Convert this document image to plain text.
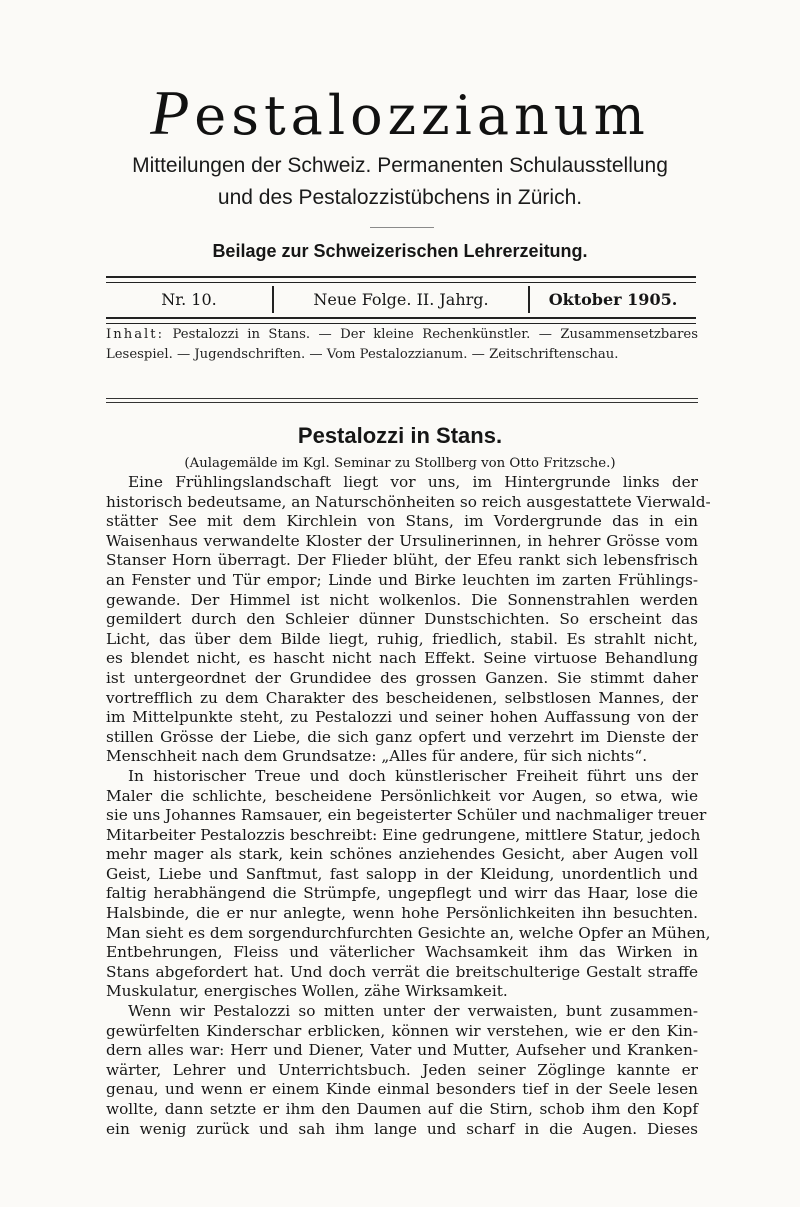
Pestalozzianum
Mitteilungen der Schweiz. Permanenten Schulausstellung
und des Pestalozzistübchens in Zürich.
Beilage zur Schweizerischen Lehrerzeitung.
Nr. 10.	Neue Folge. II. Jahrg.	Oktober 1905.
Inhalt: Pestalozzi in Stans. — Der kleine Rechenkünstler. — Zusammensetzbares Lesespiel. — Jugendschriften. — Vom Pestalozzianum. — Zeitschriftenschau.
Pestalozzi in Stans.
(Aulagemälde im Kgl. Seminar zu Stollberg von Otto Fritzsche.)
Eine Frühlingslandschaft liegt vor uns, im Hintergrunde links der
historisch bedeutsame, an Naturschönheiten so reich ausgestattete Vierwald-
stätter See mit dem Kirchlein von Stans, im Vordergrunde das in ein
Waisenhaus verwandelte Kloster der Ursulinerinnen, in hehrer Grösse vom
Stanser Horn überragt. Der Flieder blüht, der Efeu rankt sich lebensfrisch
an Fenster und Tür empor; Linde und Birke leuchten im zarten Frühlings-
gewande. Der Himmel ist nicht wolkenlos. Die Sonnenstrahlen werden
gemildert durch den Schleier dünner Dunstschichten. So erscheint das
Licht, das über dem Bilde liegt, ruhig, friedlich, stabil. Es strahlt nicht,
es blendet nicht, es hascht nicht nach Effekt. Seine virtuose Behandlung
ist untergeordnet der Grundidee des grossen Ganzen. Sie stimmt daher
vortrefflich zu dem Charakter des bescheidenen, selbstlosen Mannes, der
im Mittelpunkte steht, zu Pestalozzi und seiner hohen Auffassung von der
stillen Grösse der Liebe, die sich ganz opfert und verzehrt im Dienste der
Menschheit nach dem Grundsatze: „Alles für andere, für sich nichts“.
In historischer Treue und doch künstlerischer Freiheit führt uns der
Maler die schlichte, bescheidene Persönlichkeit vor Augen, so etwa, wie
sie uns Johannes Ramsauer, ein begeisterter Schüler und nachmaliger treuer
Mitarbeiter Pestalozzis beschreibt: Eine gedrungene, mittlere Statur, jedoch
mehr mager als stark, kein schönes anziehendes Gesicht, aber Augen voll
Geist, Liebe und Sanftmut, fast salopp in der Kleidung, unordentlich und
faltig herabhängend die Strümpfe, ungepflegt und wirr das Haar, lose die
Halsbinde, die er nur anlegte, wenn hohe Persönlichkeiten ihn besuchten.
Man sieht es dem sorgendurchfurchten Gesichte an, welche Opfer an Mühen,
Entbehrungen, Fleiss und väterlicher Wachsamkeit ihm das Wirken in
Stans abgefordert hat. Und doch verrät die breitschulterige Gestalt straffe
Muskulatur, energisches Wollen, zähe Wirksamkeit.
Wenn wir Pestalozzi so mitten unter der verwaisten, bunt zusammen-
gewürfelten Kinderschar erblicken, können wir verstehen, wie er den Kin-
dern alles war: Herr und Diener, Vater und Mutter, Aufseher und Kranken-
wärter, Lehrer und Unterrichtsbuch. Jeden seiner Zöglinge kannte er
genau, und wenn er einem Kinde einmal besonders tief in der Seele lesen
wollte, dann setzte er ihm den Daumen auf die Stirn, schob ihm den Kopf
ein wenig zurück und sah ihm lange und scharf in die Augen. Dieses
